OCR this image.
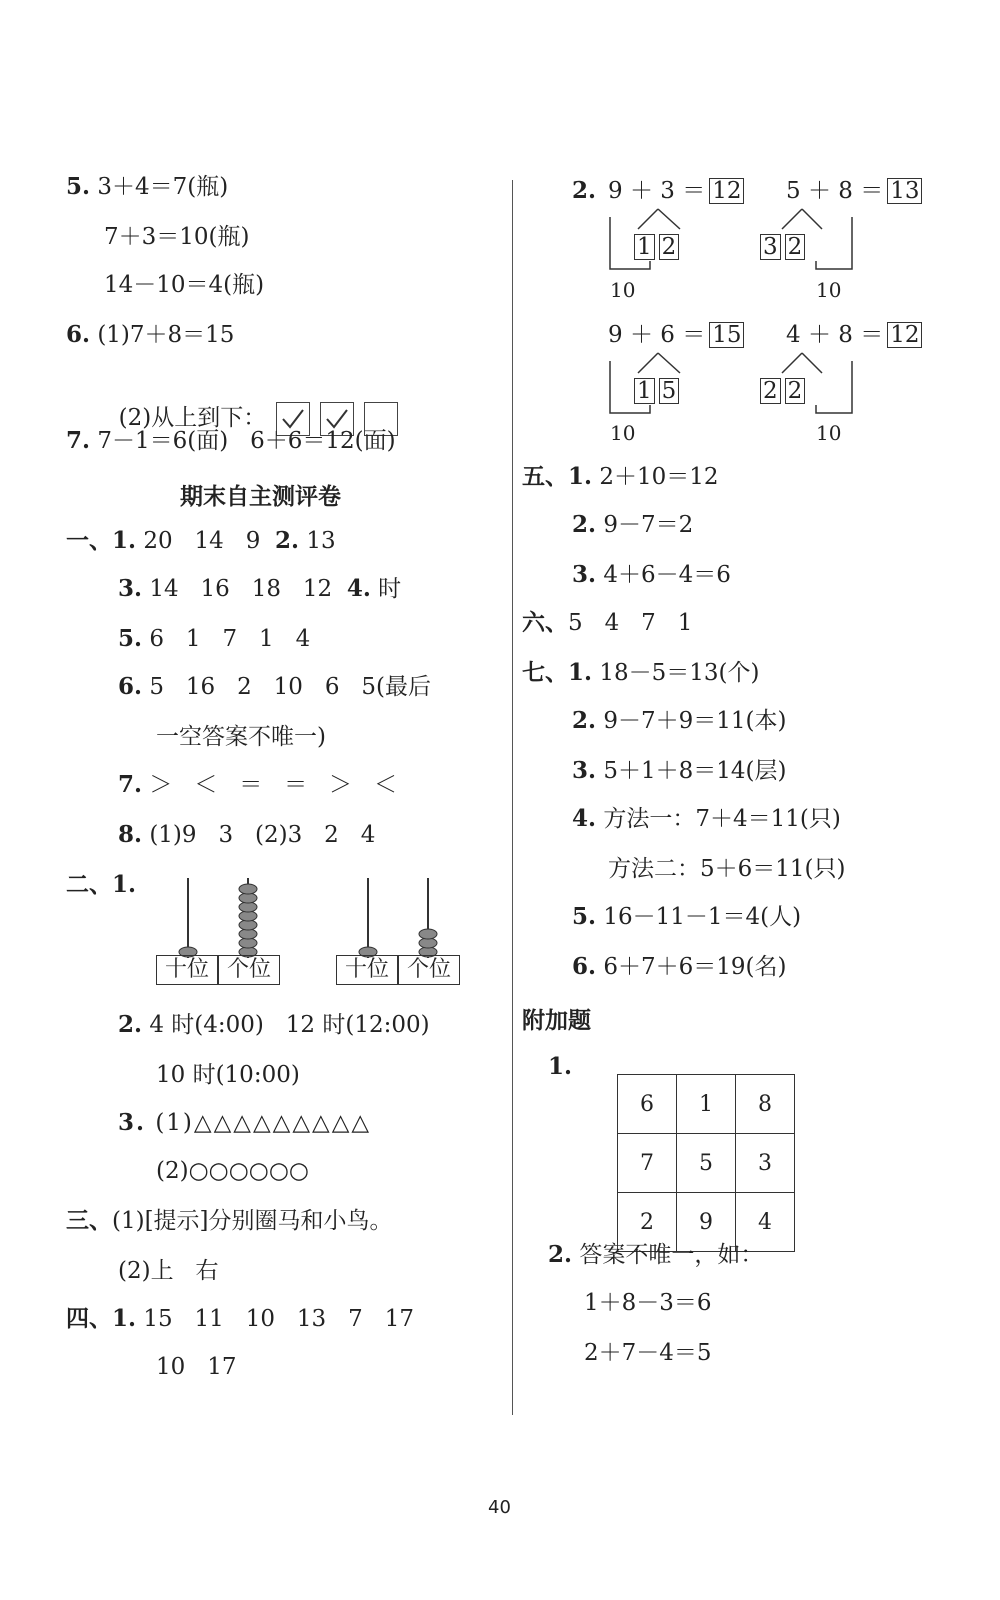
5. 3＋4＝7(瓶)
7＋3＝10(瓶)
14－10＝4(瓶)
6. (1)7＋8＝15

(2)从上到下：

7. 7－1＝6(面)   6＋6＝12(面)
期末自主测评卷
一、1. 20   14   9 2. 13
3. 14   16   18   12 4. 时
5. 6   1   7   1   4
6. 5   16   2   10   6   5(最后
一空答案不唯一)
7. ＞   ＜   ＝   ＝   ＞   ＜
8. (1)9   3   (2)3   2   4
二、1.
十位 个位	十位 个位
2. 4 时(4:00)   12 时(12:00)
10 时(10:00)
3. (1)△△△△△△△△△
(2)○○○○○○
三、(1)[提示]分别圈马和小鸟。
(2)上   右
四、1. 15   11   10   13   7   17
10   17
2. 9 ＋ 3 ＝ 12 5 ＋ 8 ＝ 13
9 ＋ 6 ＝ 15 4 ＋ 8 ＝ 12
1 2
10
3 2
10
1 5
10
2 2
10
五、1. 2＋10＝12
2. 9－7＝2
3. 4＋6－4＝6
六、5   4   7   1
七、1. 18－5＝13(个)
2. 9－7＋9＝11(本)
3. 5＋1＋8＝14(层)
4. 方法一：7＋4＝11(只)
方法二：5＋6＝11(只)
5. 16－11－1＝4(人)
6. 6＋7＋6＝19(名)
附加题
1.
6	1	8
7	5	3
2	9	4
2. 答案不唯一，如：
1＋8－3＝6
2＋7－4＝5
40
